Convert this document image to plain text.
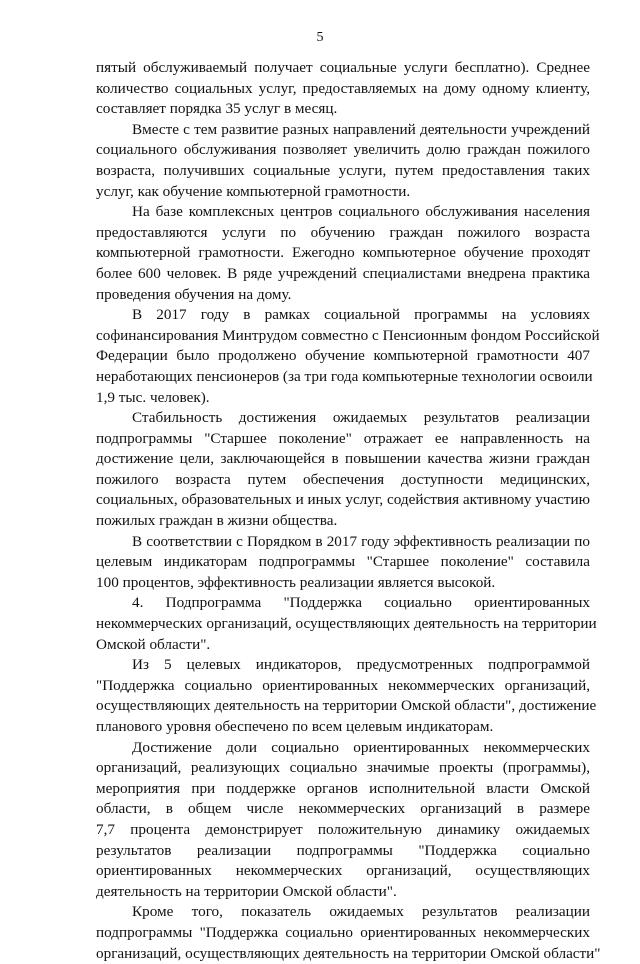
5
пятый обслуживаемый получает социальные услуги бесплатно). Среднее
количество социальных услуг, предоставляемых на дому одному клиенту,
составляет порядка 35 услуг в месяц.
Вместе с тем развитие разных направлений деятельности учреждений
социального обслуживания позволяет увеличить долю граждан пожилого
возраста, получивших социальные услуги, путем предоставления таких
услуг, как обучение компьютерной грамотности.
На базе комплексных центров социального обслуживания населения
предоставляются услуги по обучению граждан пожилого возраста
компьютерной грамотности. Ежегодно компьютерное обучение проходят
более 600 человек. В ряде учреждений специалистами внедрена практика
проведения обучения на дому.
В 2017 году в рамках социальной программы на условиях
софинансирования Минтрудом совместно с Пенсионным фондом Российской
Федерации было продолжено обучение компьютерной грамотности 407
неработающих пенсионеров (за три года компьютерные технологии освоили
1,9 тыс. человек).
Стабильность достижения ожидаемых результатов реализации
подпрограммы "Старшее поколение" отражает ее направленность на
достижение цели, заключающейся в повышении качества жизни граждан
пожилого возраста путем обеспечения доступности медицинских,
социальных, образовательных и иных услуг, содействия активному участию
пожилых граждан в жизни общества.
В соответствии с Порядком в 2017 году эффективность реализации по
целевым индикаторам подпрограммы "Старшее поколение" составила
100 процентов, эффективность реализации является высокой.
4. Подпрограмма "Поддержка социально ориентированных
некоммерческих организаций, осуществляющих деятельность на территории
Омской области".
Из 5 целевых индикаторов, предусмотренных подпрограммой
"Поддержка социально ориентированных некоммерческих организаций,
осуществляющих деятельность на территории Омской области", достижение
планового уровня обеспечено по всем целевым индикаторам.
Достижение доли социально ориентированных некоммерческих
организаций, реализующих социально значимые проекты (программы),
мероприятия при поддержке органов исполнительной власти Омской
области, в общем числе некоммерческих организаций в размере
7,7 процента демонстрирует положительную динамику ожидаемых
результатов реализации подпрограммы "Поддержка социально
ориентированных некоммерческих организаций, осуществляющих
деятельность на территории Омской области".
Кроме того, показатель ожидаемых результатов реализации
подпрограммы "Поддержка социально ориентированных некоммерческих
организаций, осуществляющих деятельность на территории Омской области"
